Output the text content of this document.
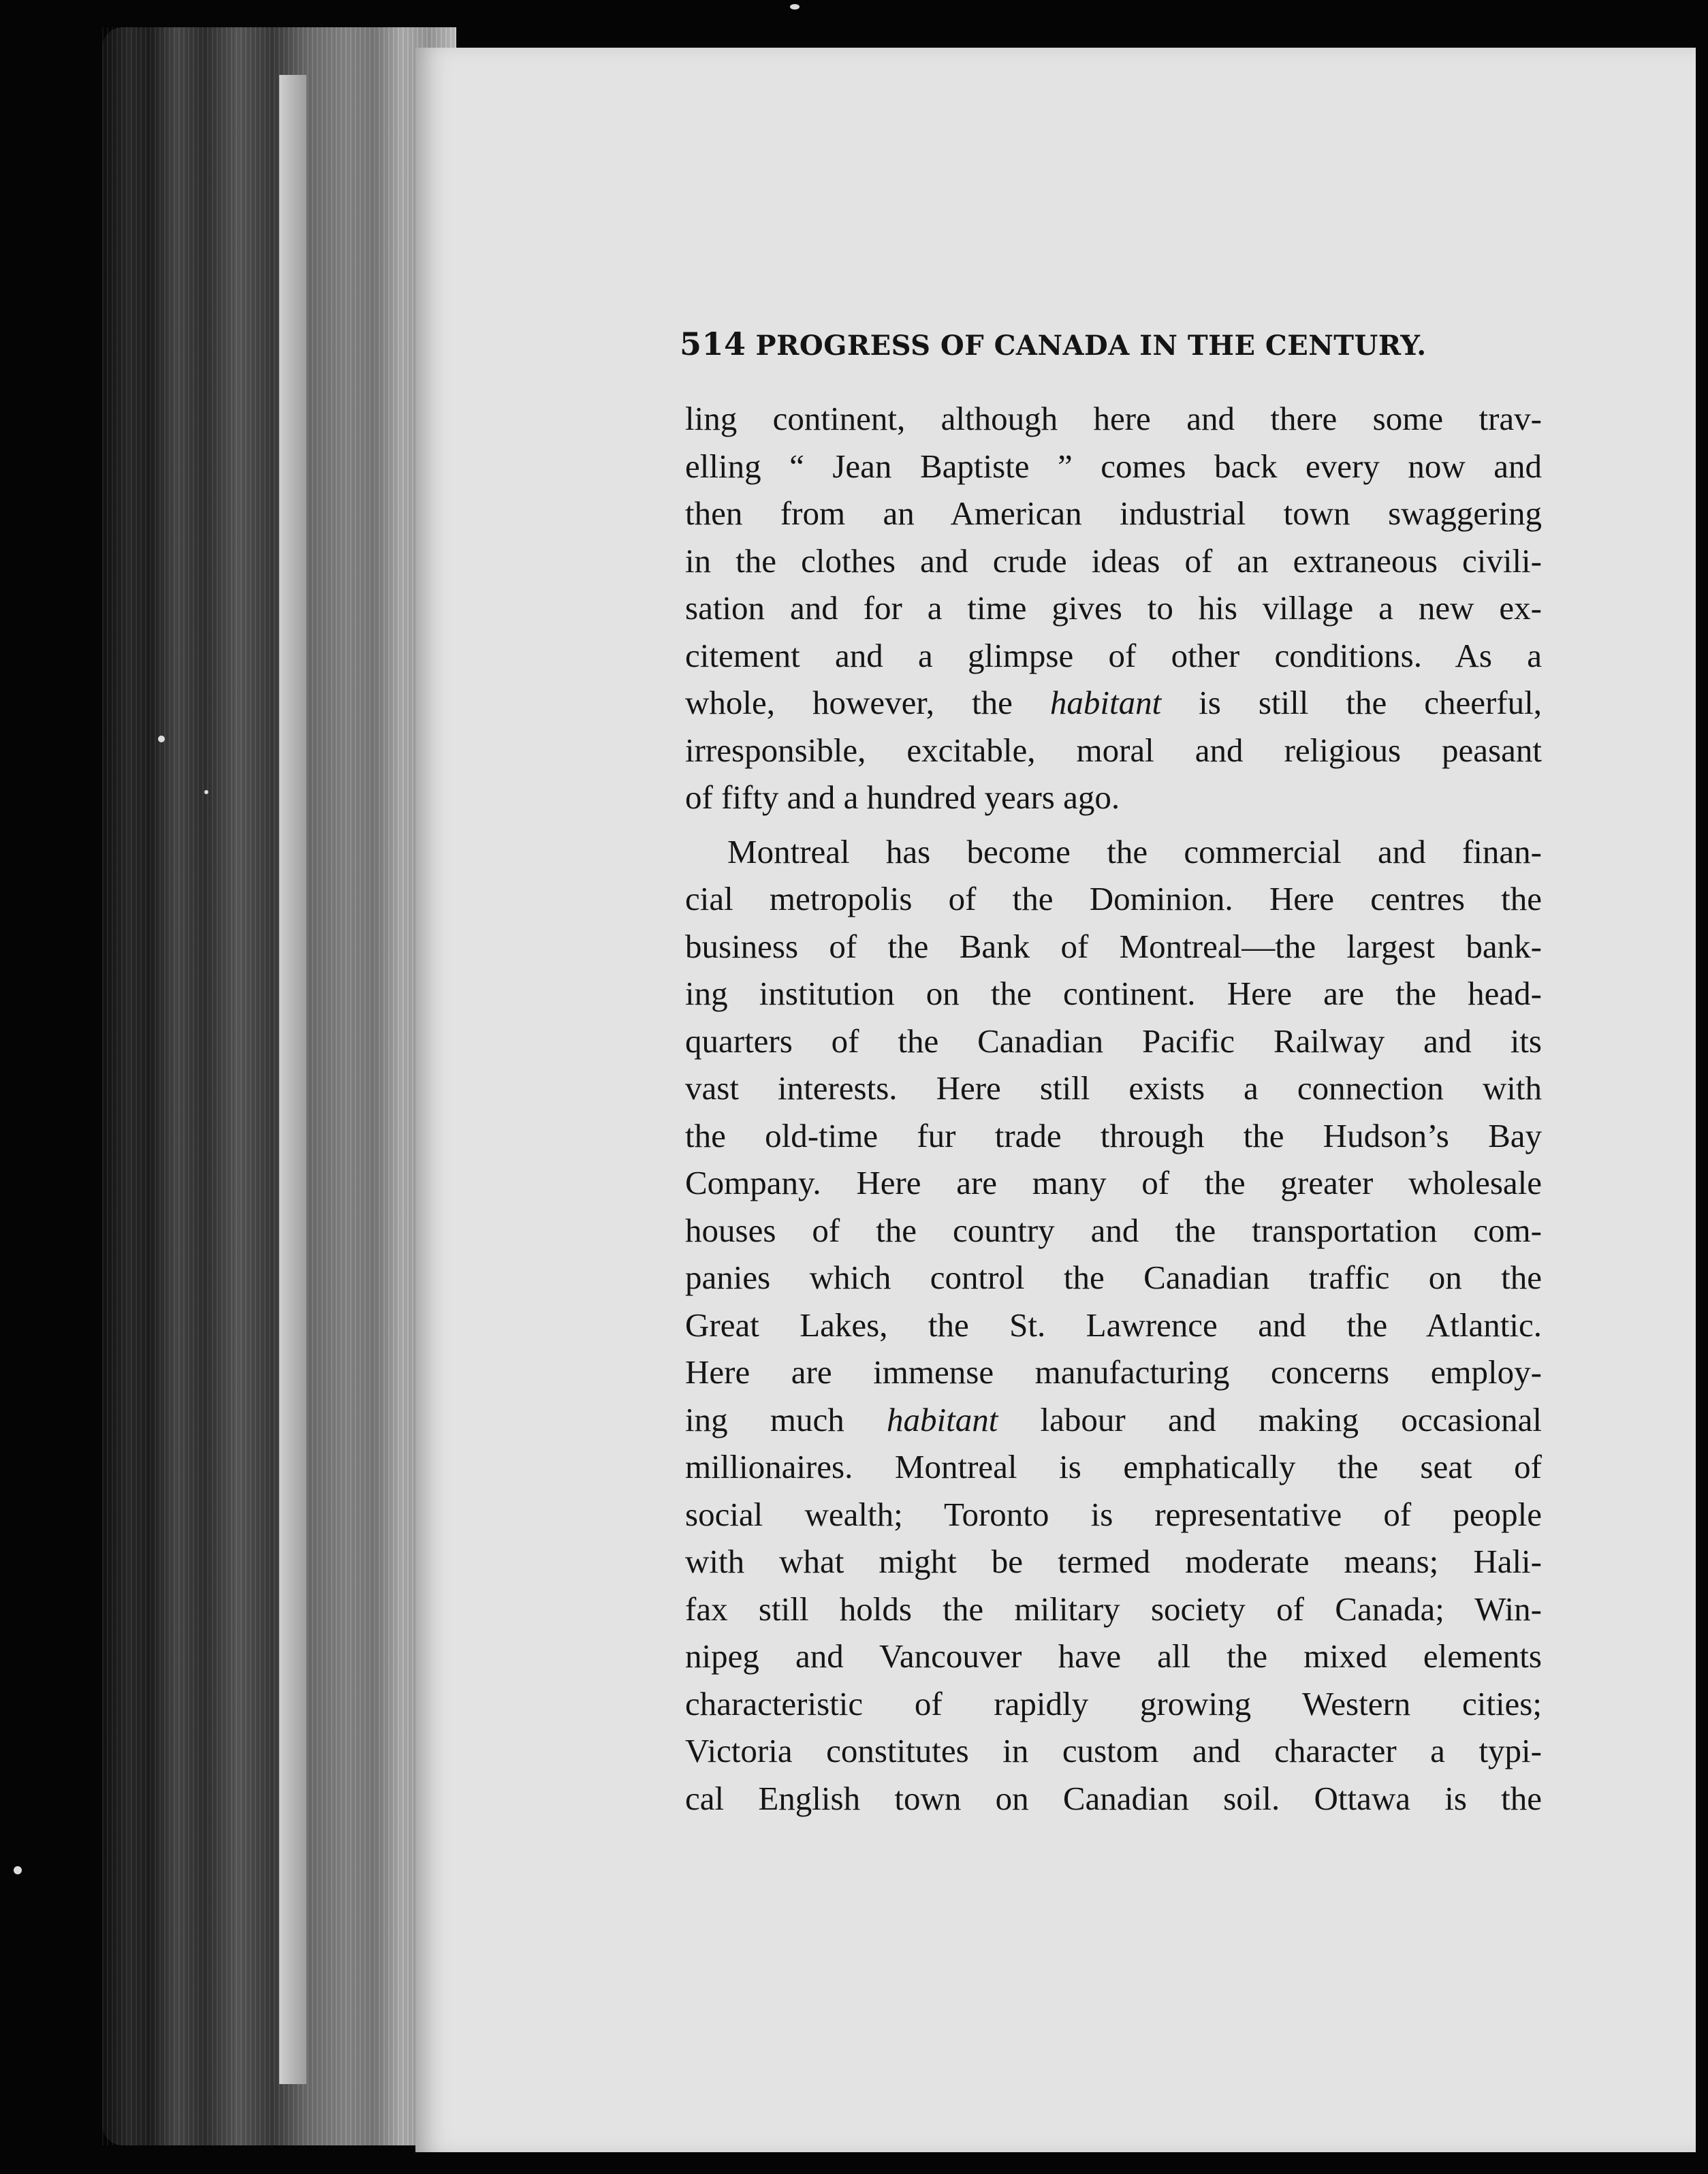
514 PROGRESS OF CANADA IN THE CENTURY.
ling continent, although here and there some trav-
elling “ Jean Baptiste ” comes back every now and
then from an American industrial town swaggering
in the clothes and crude ideas of an extraneous civili-
sation and for a time gives to his village a new ex-
citement and a glimpse of other conditions. As a
whole, however, the habitant is still the cheerful,
irresponsible, excitable, moral and religious peasant
of fifty and a hundred years ago.
Montreal has become the commercial and finan-
cial metropolis of the Dominion. Here centres the
business of the Bank of Montreal—the largest bank-
ing institution on the continent. Here are the head-
quarters of the Canadian Pacific Railway and its
vast interests. Here still exists a connection with
the old-time fur trade through the Hudson’s Bay
Company. Here are many of the greater wholesale
houses of the country and the transportation com-
panies which control the Canadian traffic on the
Great Lakes, the St. Lawrence and the Atlantic.
Here are immense manufacturing concerns employ-
ing much habitant labour and making occasional
millionaires. Montreal is emphatically the seat of
social wealth; Toronto is representative of people
with what might be termed moderate means; Hali-
fax still holds the military society of Canada; Win-
nipeg and Vancouver have all the mixed elements
characteristic of rapidly growing Western cities;
Victoria constitutes in custom and character a typi-
cal English town on Canadian soil. Ottawa is the
